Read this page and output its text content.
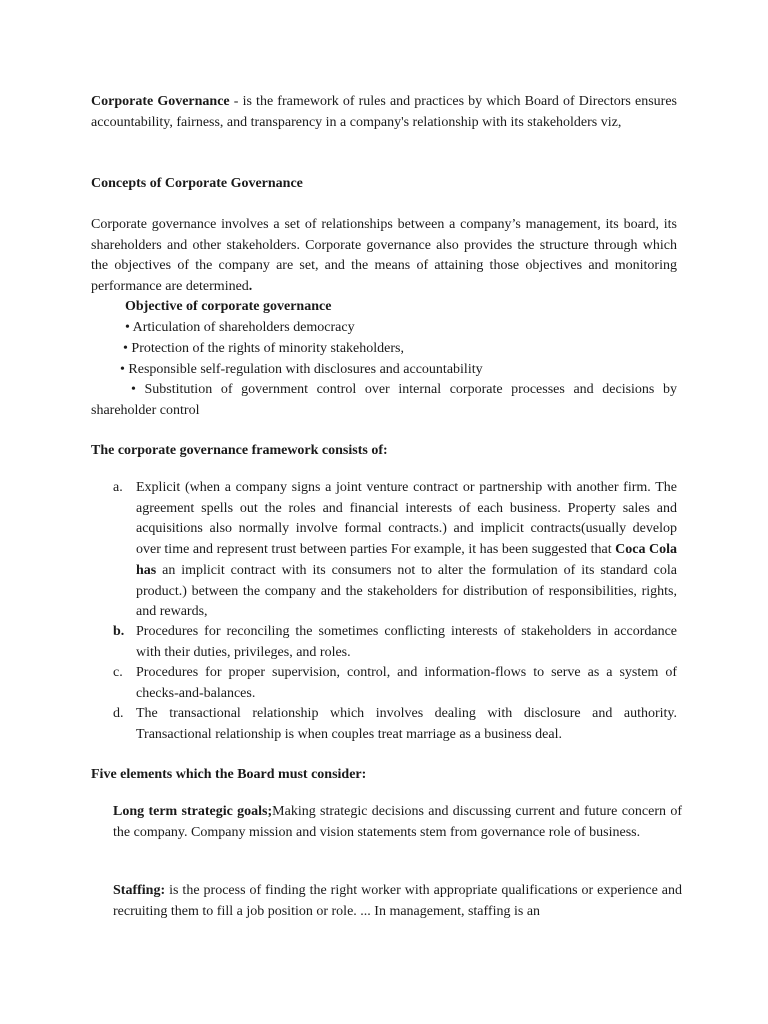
Corporate Governance - is the framework of rules and practices by which Board of Directors ensures accountability, fairness, and transparency in a company's relationship with its stakeholders viz,

Concepts of Corporate Governance

Corporate governance involves a set of relationships between a company’s management, its board, its shareholders and other stakeholders. Corporate governance also provides the structure through which the objectives of the company are set, and the means of attaining those objectives and monitoring performance are determined.

Objective of corporate governance
• Articulation of shareholders democracy
• Protection of the rights of minority stakeholders,
• Responsible self-regulation with disclosures and accountability
• Substitution of government control over internal corporate processes and decisions by shareholder control
The corporate governance framework consists of:
a. Explicit (when a company signs a joint venture contract or partnership with another firm. The agreement spells out the roles and financial interests of each business. Property sales and acquisitions also normally involve formal contracts.) and implicit contracts(usually develop over time and represent trust between parties For example, it has been suggested that Coca Cola has an implicit contract with its consumers not to alter the formulation of its standard cola product.) between the company and the stakeholders for distribution of responsibilities, rights, and rewards,
b. Procedures for reconciling the sometimes conflicting interests of stakeholders in accordance with their duties, privileges, and roles.
c. Procedures for proper supervision, control, and information-flows to serve as a system of checks-and-balances.
d. The transactional relationship which involves dealing with disclosure and authority. Transactional relationship is when couples treat marriage as a business deal.
Five elements which the Board must consider:

Long term strategic goals;Making strategic decisions and discussing current and future concern of the company. Company mission and vision statements stem from governance role of business.

Staffing: is the process of finding the right worker with appropriate qualifications or experience and recruiting them to fill a job position or role. ... In management, staffing is an
